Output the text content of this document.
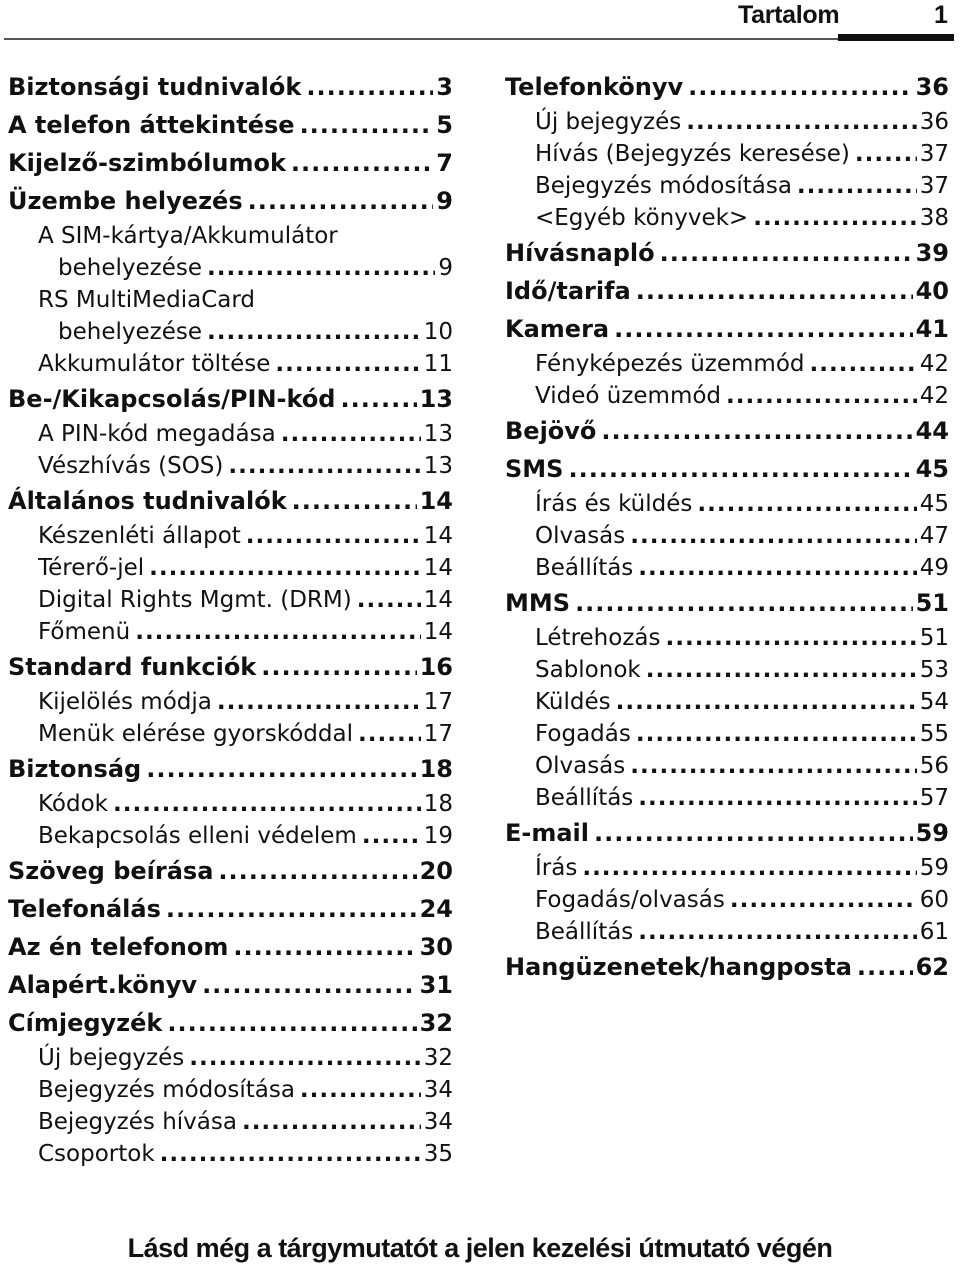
Tartalom	1
Biztonsági tudnivalók .....	3
A telefon áttekintése .....	5
Kijelző-szimbólumok .....	7
Üzembe helyezés .....	9
A SIM-kártya/Akkumulátor
behelyezése .....	9
RS MultiMediaCard
behelyezése .....	10
Akkumulátor töltése .....	11
Be-/Kikapcsolás/PIN-kód .....	13
A PIN-kód megadása .....	13
Vészhívás (SOS) .....	13
Általános tudnivalók .....	14
Készenléti állapot .....	14
Térerő-jel .....	14
Digital Rights Mgmt. (DRM) .....	14
Főmenü .....	14
Standard funkciók .....	16
Kijelölés módja .....	17
Menük elérése gyorskóddal .....	17
Biztonság .....	18
Kódok .....	18
Bekapcsolás elleni védelem .....	19
Szöveg beírása .....	20
Telefonálás .....	24
Az én telefonom .....	30
Alapért.könyv .....	31
Címjegyzék .....	32
Új bejegyzés .....	32
Bejegyzés módosítása .....	34
Bejegyzés hívása .....	34
Csoportok .....	35
Telefonkönyv .....	36
Új bejegyzés .....	36
Hívás (Bejegyzés keresése) .....	37
Bejegyzés módosítása .....	37
<Egyéb könyvek> .....	38
Hívásnapló .....	39
Idő/tarifa .....	40
Kamera .....	41
Fényképezés üzemmód .....	42
Videó üzemmód .....	42
Bejövő .....	44
SMS .....	45
Írás és küldés .....	45
Olvasás .....	47
Beállítás .....	49
MMS .....	51
Létrehozás .....	51
Sablonok .....	53
Küldés .....	54
Fogadás .....	55
Olvasás .....	56
Beállítás .....	57
E-mail .....	59
Írás .....	59
Fogadás/olvasás .....	60
Beállítás .....	61
Hangüzenetek/hangposta .....	62
Lásd még a tárgymutatót a jelen kezelési útmutató végén
